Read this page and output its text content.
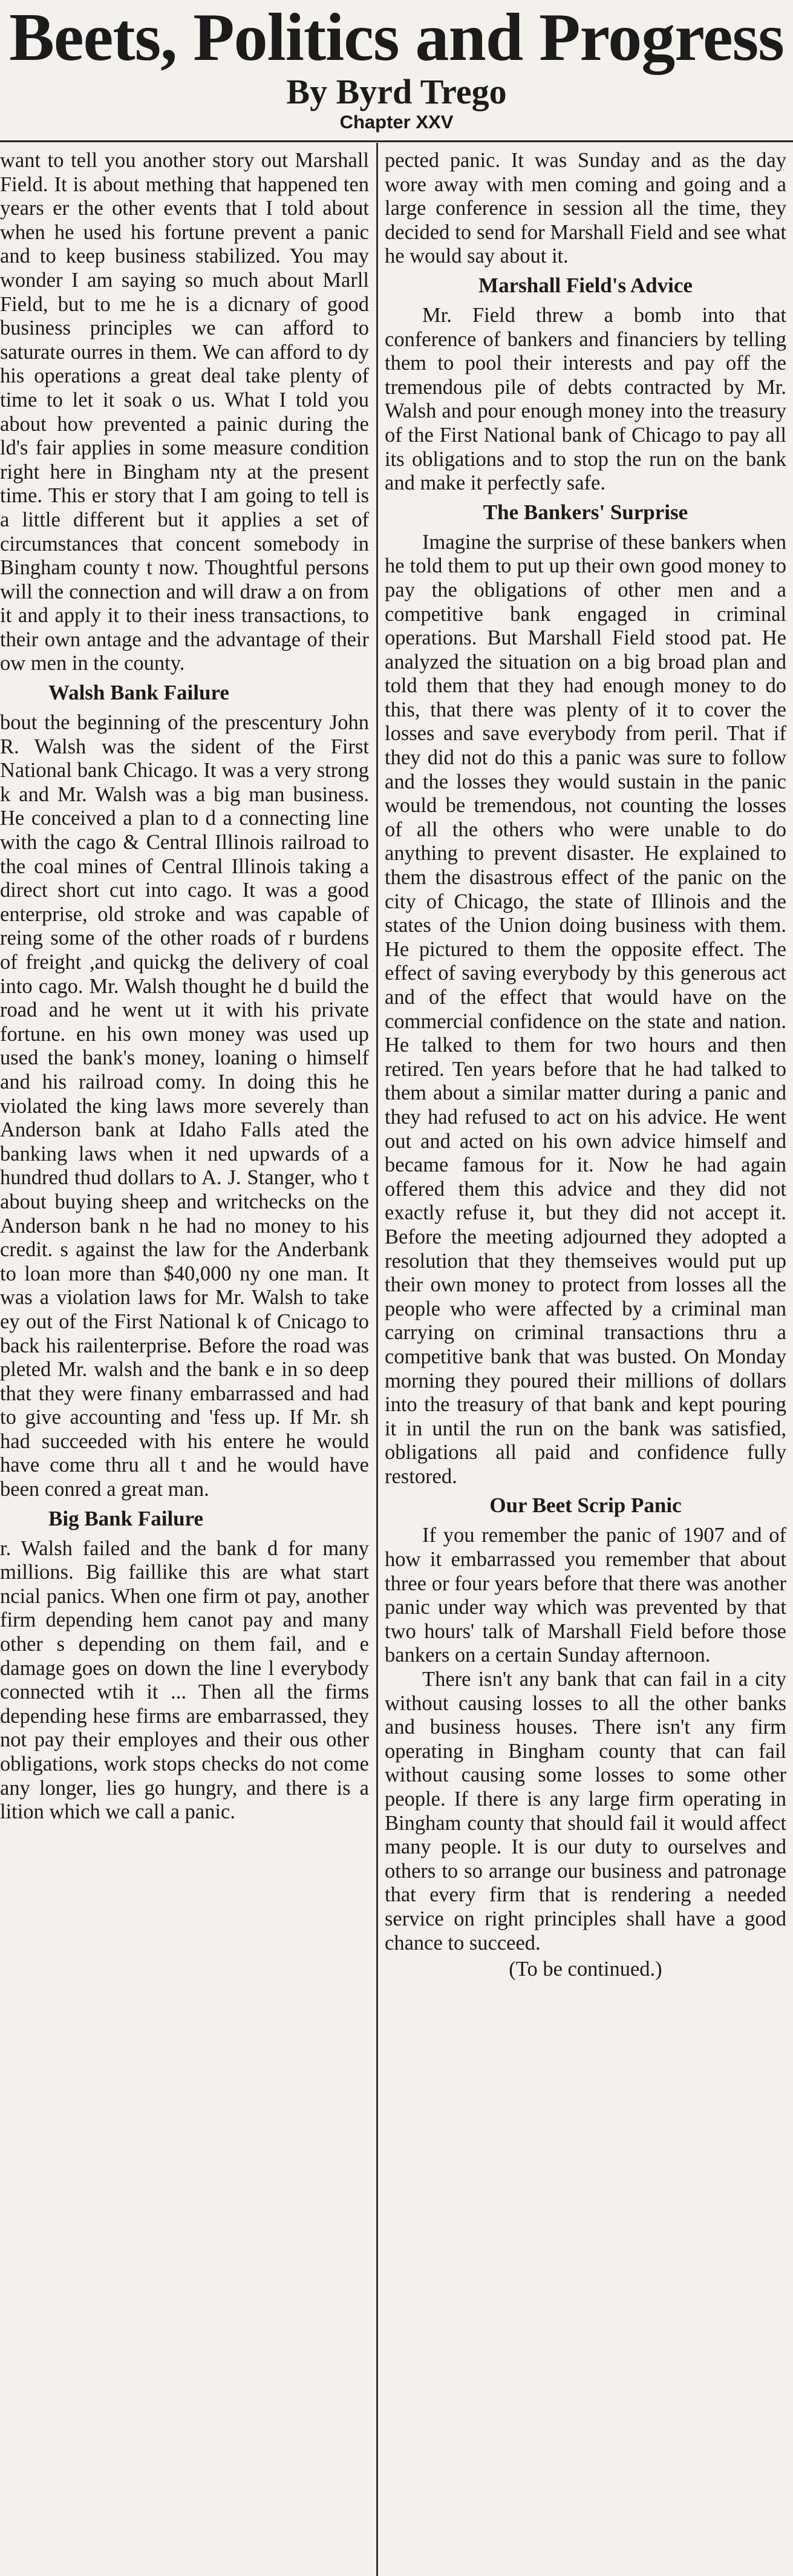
Beets, Politics and Progress
By Byrd Trego
Chapter XXV

want to tell you another story out Marshall Field. It is about mething that happened ten years er the other events that I told about when he used his fortune prevent a panic and to keep business stabilized. You may wonder I am saying so much about Marll Field, but to me he is a dicnary of good business principles we can afford to saturate ourres in them. We can afford to dy his operations a great deal take plenty of time to let it soak o us. What I told you about how prevented a painic during the ld's fair applies in some measure condition right here in Bingham nty at the present time. This er story that I am going to tell is a little different but it applies a set of circumstances that concent somebody in Bingham county t now. Thoughtful persons will the connection and will draw a on from it and apply it to their iness transactions, to their own antage and the advantage of their ow men in the county.

Walsh Bank Failure

bout the beginning of the prescentury John R. Walsh was the sident of the First National bank Chicago. It was a very strong k and Mr. Walsh was a big man business. He conceived a plan to d a connecting line with the cago & Central Illinois railroad to the coal mines of Central Illinois taking a direct short cut into cago. It was a good enterprise, old stroke and was capable of reing some of the other roads of r burdens of freight ,and quickg the delivery of coal into cago. Mr. Walsh thought he d build the road and he went ut it with his private fortune. en his own money was used up used the bank's money, loaning o himself and his railroad comy. In doing this he violated the king laws more severely than Anderson bank at Idaho Falls ated the banking laws when it ned upwards of a hundred thud dollars to A. J. Stanger, who t about buying sheep and writchecks on the Anderson bank n he had no money to his credit. s against the law for the Anderbank to loan more than $40,000 ny one man. It was a violation laws for Mr. Walsh to take ey out of the First National k of Cnicago to back his railenterprise. Before the road was pleted Mr. walsh and the bank e in so deep that they were finany embarrassed and had to give accounting and 'fess up. If Mr. sh had succeeded with his entere he would have come thru all t and he would have been conred a great man.

Big Bank Failure

r. Walsh failed and the bank d for many millions. Big faillike this are what start ncial panics. When one firm ot pay, another firm depending hem canot pay and many other s depending on them fail, and e damage goes on down the line l everybody connected wtih it ... Then all the firms depending hese firms are embarrassed, they not pay their employes and their ous other obligations, work stops checks do not come any longer, lies go hungry, and there is a lition which we call a panic.

pected panic. It was Sunday and as the day wore away with men coming and going and a large conference in session all the time, they decided to send for Marshall Field and see what he would say about it.

Marshall Field's Advice

Mr. Field threw a bomb into that conference of bankers and financiers by telling them to pool their interests and pay off the tremendous pile of debts contracted by Mr. Walsh and pour enough money into the treasury of the First National bank of Chicago to pay all its obligations and to stop the run on the bank and make it perfectly safe.

The Bankers' Surprise

Imagine the surprise of these bankers when he told them to put up their own good money to pay the obligations of other men and a competitive bank engaged in criminal operations. But Marshall Field stood pat. He analyzed the situation on a big broad plan and told them that they had enough money to do this, that there was plenty of it to cover the losses and save everybody from peril. That if they did not do this a panic was sure to follow and the losses they would sustain in the panic would be tremendous, not counting the losses of all the others who were unable to do anything to prevent disaster. He explained to them the disastrous effect of the panic on the city of Chicago, the state of Illinois and the states of the Union doing business with them. He pictured to them the opposite effect. The effect of saving everybody by this generous act and of the effect that would have on the commercial confidence on the state and nation. He talked to them for two hours and then retired. Ten years before that he had talked to them about a similar matter during a panic and they had refused to act on his advice. He went out and acted on his own advice himself and became famous for it. Now he had again offered them this advice and they did not exactly refuse it, but they did not accept it. Before the meeting adjourned they adopted a resolution that they themseives would put up their own money to protect from losses all the people who were affected by a criminal man carrying on criminal transactions thru a competitive bank that was busted. On Monday morning they poured their millions of dollars into the treasury of that bank and kept pouring it in until the run on the bank was satisfied, obligations all paid and confidence fully restored.

Our Beet Scrip Panic

If you remember the panic of 1907 and of how it embarrassed you remember that about three or four years before that there was another panic under way which was prevented by that two hours' talk of Marshall Field before those bankers on a certain Sunday afternoon.

There isn't any bank that can fail in a city without causing losses to all the other banks and business houses. There isn't any firm operating in Bingham county that can fail without causing some losses to some other people. If there is any large firm operating in Bingham county that should fail it would affect many people. It is our duty to ourselves and others to so arrange our business and patronage that every firm that is rendering a needed service on right principles shall have a good chance to succeed.

(To be continued.)
